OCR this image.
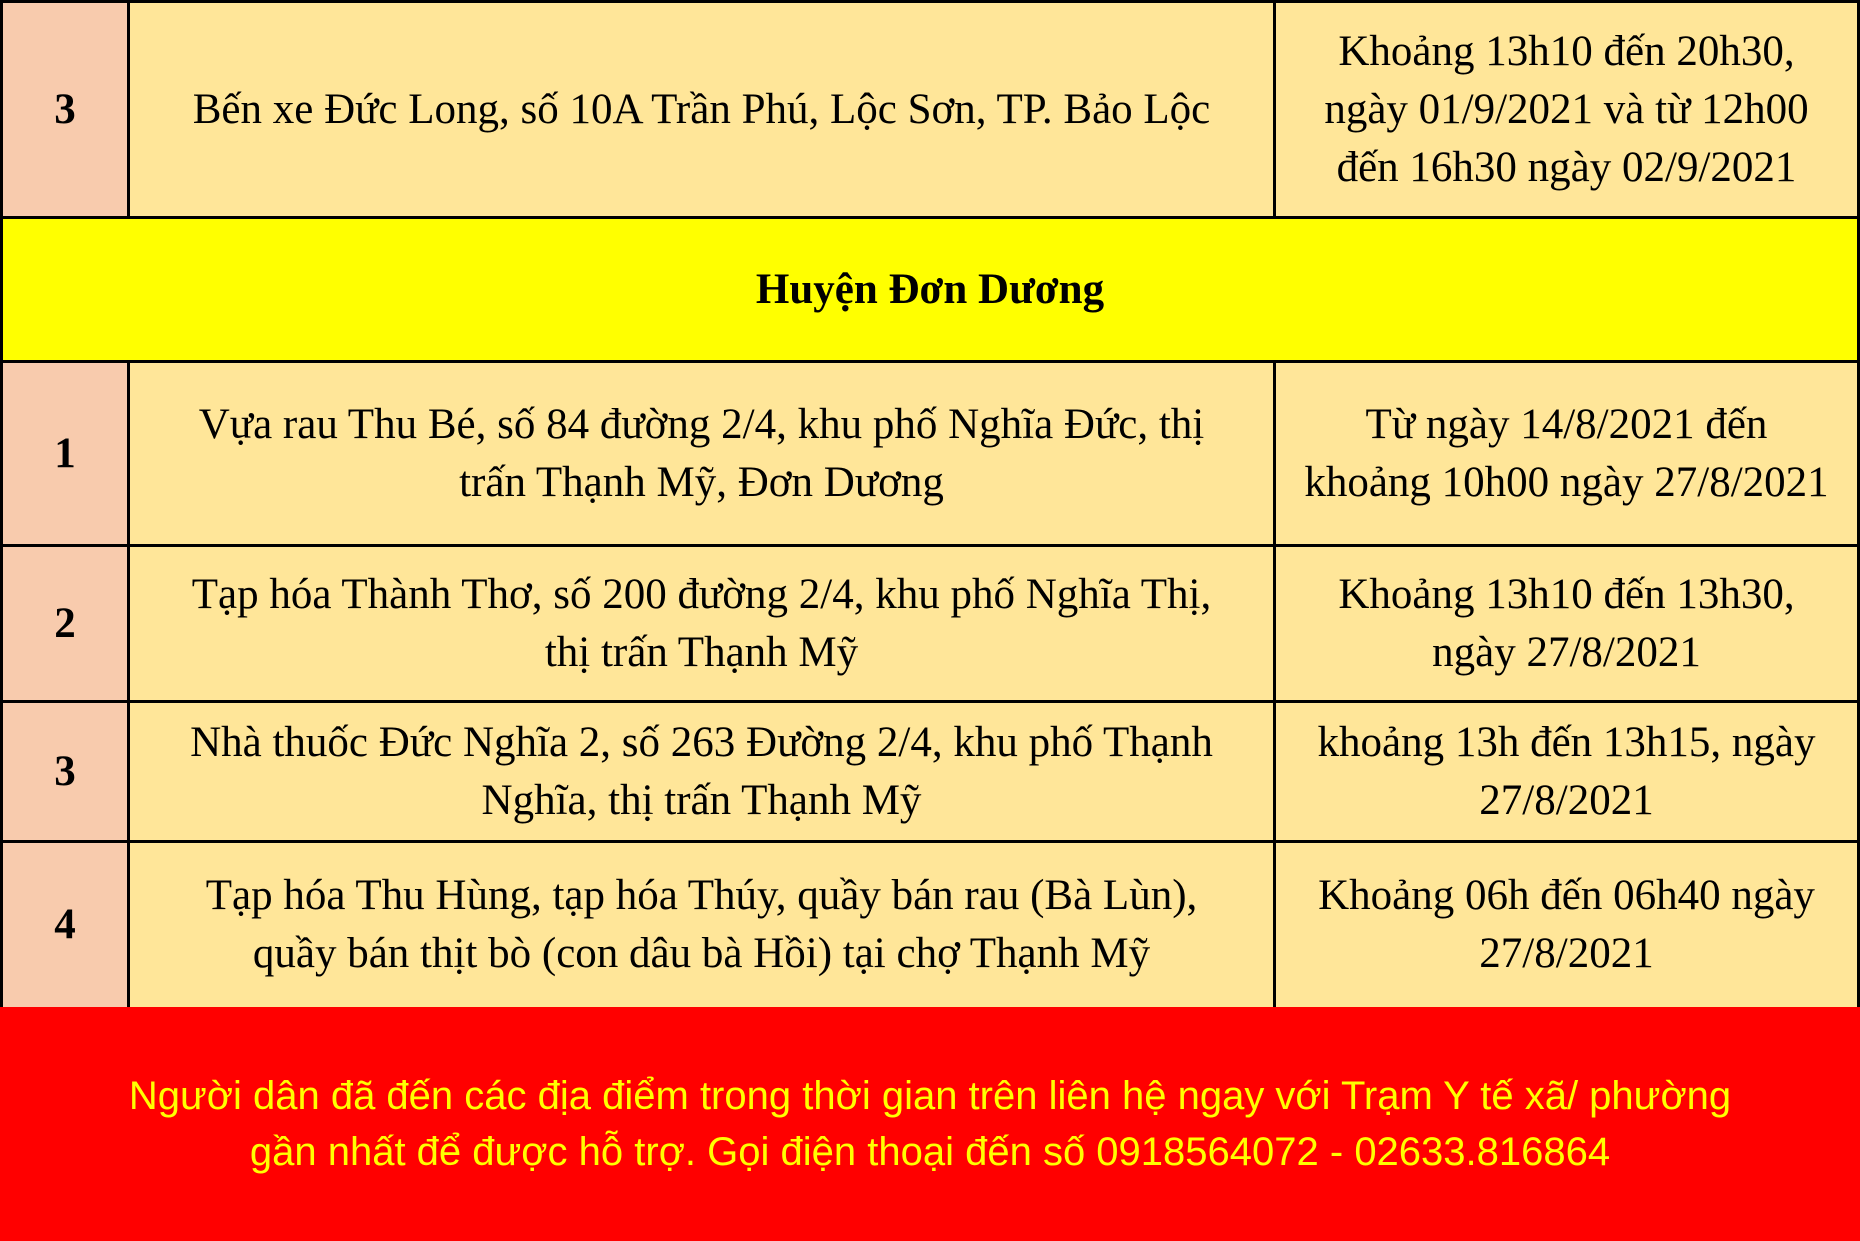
3	Bến xe Đức Long, số 10A Trần Phú, Lộc Sơn, TP. Bảo Lộc	Khoảng 13h10 đến 20h30,
ngày 01/9/2021 và từ 12h00
đến 16h30 ngày 02/9/2021
Huyện Đơn Dương		
1	Vựa rau Thu Bé, số 84 đường 2/4, khu phố Nghĩa Đức, thị
trấn Thạnh Mỹ, Đơn Dương	Từ ngày 14/8/2021 đến
khoảng 10h00 ngày 27/8/2021
2	Tạp hóa Thành Thơ, số 200 đường 2/4, khu phố Nghĩa Thị,
thị trấn Thạnh Mỹ	Khoảng 13h10 đến 13h30,
ngày 27/8/2021
3	Nhà thuốc Đức Nghĩa 2, số 263 Đường 2/4, khu phố Thạnh
Nghĩa, thị trấn Thạnh Mỹ	khoảng 13h đến 13h15, ngày
27/8/2021
4	Tạp hóa Thu Hùng, tạp hóa Thúy, quầy bán rau (Bà Lùn),
quầy bán thịt bò (con dâu bà Hồi) tại chợ Thạnh Mỹ	Khoảng 06h đến 06h40 ngày
27/8/2021

Người dân đã đến các địa điểm trong thời gian trên liên hệ ngay với Trạm Y tế xã/ phường
gần nhất để được hỗ trợ. Gọi điện thoại đến số 0918564072 - 02633.816864
